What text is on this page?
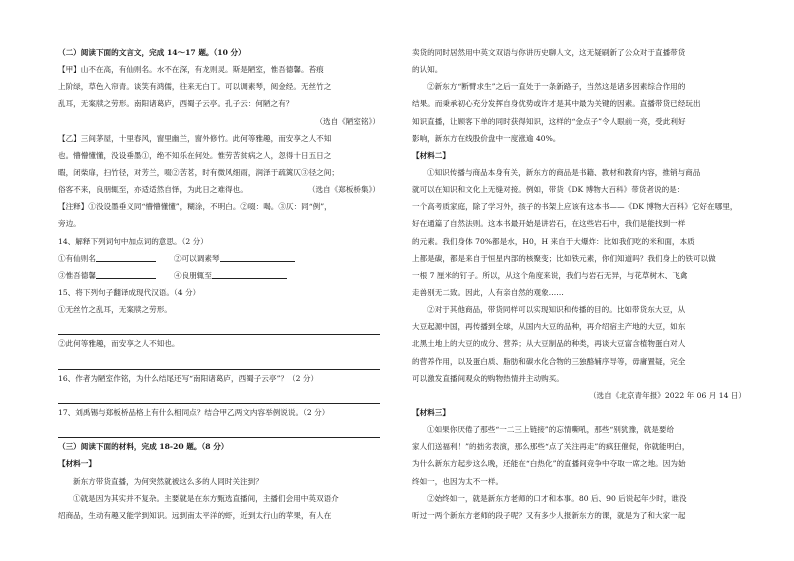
（二）阅读下面的文言文，完成 14～17 题。（10 分）
【甲】山不在高，有仙则名。水不在深，有龙则灵。斯是陋室，惟吾德馨。苔痕
上阶绿，草色入帘青。谈笑有鸿儒，往来无白丁。可以调素琴，阅金经。无丝竹之
乱耳，无案牍之劳形。南阳诸葛庐，西蜀子云亭。孔子云：何陋之有？
（选自《陋室铭》）
【乙】三间茅屋，十里春风，窗里幽兰，窗外修竹。此何等雅趣，而安享之人不知
也。懵懵懂懂，没设垂墨①，绝不知乐在何处。惟劳苦贫病之人，忽得十日五日之
暇，闭柴扉，扫竹径，对芳兰，啜②苦茗，时有微风细雨，润泽于疏篱仄③径之间；
俗客不来，良朋辄至，亦适适然自怿，为此日之难得也。	（选自《郑板桥集》）
【注释】①没设墨垂义同“懵懵懂懂”，糊涂，不明白。②啜：喝。③仄：同“例”，
旁边。
14、解释下列词句中加点词的意思。（2 分）
①有仙则名	②可以调素琴
③惟吾德馨	④良朋辄至
15、将下列句子翻译成现代汉语。（4 分）
①无丝竹之乱耳，无案牍之劳形。
②此何等雅趣，而安享之人不知也。
16、作者为陋室作铭，为什么结尾还写“南阳诸葛庐，西蜀子云亭”？（2 分）
17、刘禹锡与郑板桥品格上有什么相同点？结合甲乙两文内容举例说说。（2 分）
（三）阅读下面的材料，完成 18-20 题。（8 分）
【材料一】
新东方带货直播，为何突然就被这么多的人同时关注到？
①就是因为其实并不复杂。主要就是在东方甄选直播间，主播们会用中英双语介
绍商品，生动有趣又能学到知识。远到南太平洋的虾，近到太行山的苹果，有人在
卖货的同时居然用中英文双语与你讲历史聊人文，这无疑刷新了公众对于直播带货
的认知。
②新东方“断臂求生”之后一直处于一条新路子，当然这是诸多因素综合作用的
结果。而秉承初心充分发挥自身优势或许才是其中最为关键的因素。直播带货已经玩出
知识直播，让顾客下单的同时获得知识，这样的“金点子”令人眼前一亮，受此利好
影响，新东方在线股价盘中一度涨逾 40%。
【材料二】
①知识传播与商品本身有关，新东方的商品是书籍、教材和教育内容，推销与商品
就可以在知识和文化上无缝对接。例如，带货《DK 博物大百科》带货者说的是：
一个高考质家庭，除了学习外，孩子的书架上应该有这本书——《DK 博物大百科》它好在哪里，
好在通篇了自然法则。这本书最开始是讲岩石，在这些岩石中，我们是能找到一样
的元素。我们身体 70%都是水，H0，H 来自于大爆炸：比如我们吃的米和面，本质
上都是碳，都是来自于恒星内部的核聚变；比如铁元素，你们知道吗？我们身上的铁可以做
一根 7 厘米的钉子。所以，从这个角度来说，我们与岩石无异，与花草树木、飞禽
走兽别无二致。因此，人有亲自然的观象……
②对于其他商品，带货同样可以实现知识和传播的目的。比如带货东大豆，从
大豆起源中国，再传播到全球，从国内大豆的品种，再介绍宿主产地的大豆，如东
北黑土地上的大豆的成分、营养；从大豆制品的种类，再谈大豆富含植物蛋白对人
的营养作用，以及蛋白质、脂肪和碳水化合物的三独酪辅序导等，毋庸置疑，完全
可以激发直播间观众的购物热情并主动购买。
（选自《北京青年报》2022 年 06 月 14 日）
【材料三】
①如果你厌倦了那些“一二三上链接”的忘情嘶吼，那些“别犹豫，就是要给
家人们送福利！”的拙劣表演，那么那些“点了关注再走”的疯狂催促，你就能明白，
为什么新东方起步这么晚，还能在“白热化”的直播间竞争中夺取一席之地。因为始
终如一，也因为太不一样。
②始终如一，就是新东方老师的口才和本事。80 后、90 后说起年少时，谁没
听过一两个新东方老师的段子呢？又有多少人报新东方的课，就是为了和大家一起
